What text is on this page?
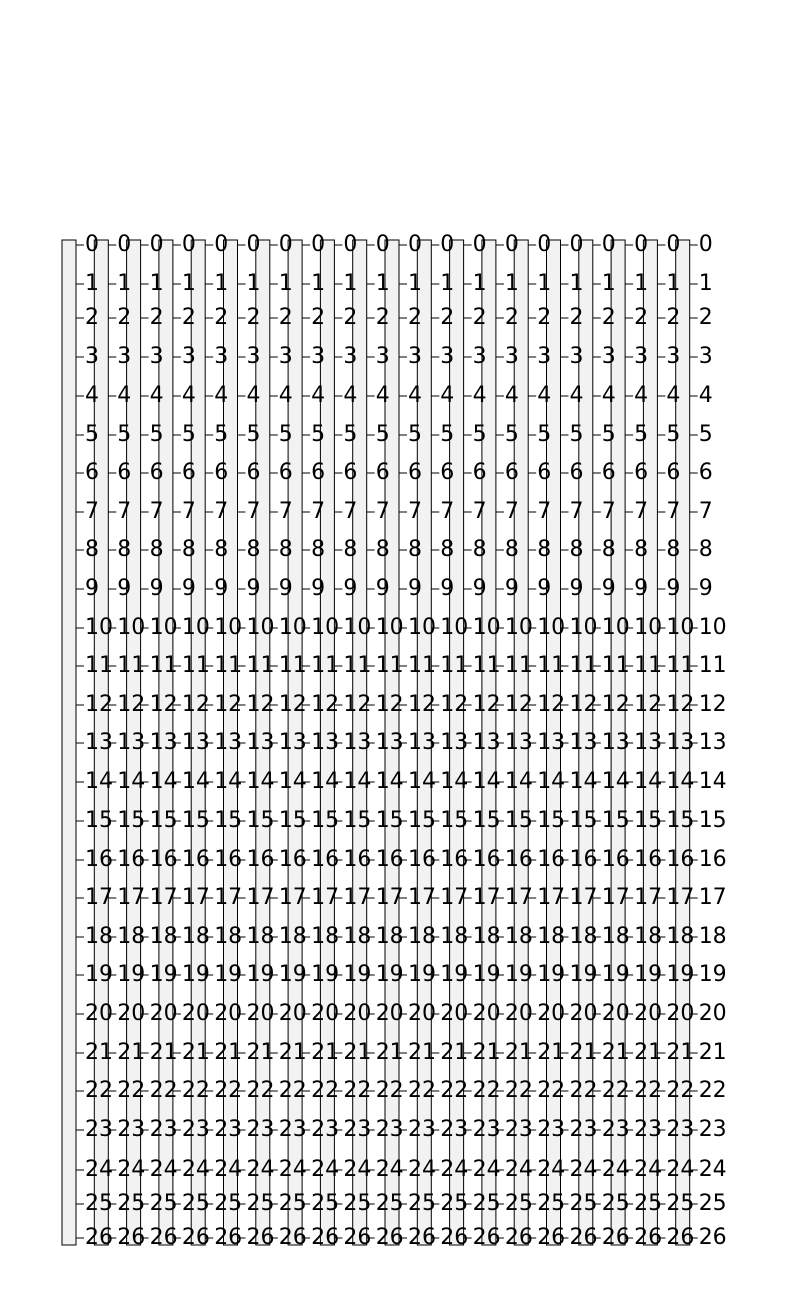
0
1
2
3
4
5
6
7
8
9
10
11
12
13
14
15
16
17
18
19
20
21
22
23
24
25
26
0
1
2
3
4
5
6
7
8
9
10
11
12
13
14
15
16
17
18
19
20
21
22
23
24
25
26
0
1
2
3
4
5
6
7
8
9
10
11
12
13
14
15
16
17
18
19
20
21
22
23
24
25
26
0
1
2
3
4
5
6
7
8
9
10
11
12
13
14
15
16
17
18
19
20
21
22
23
24
25
26
0
1
2
3
4
5
6
7
8
9
10
11
12
13
14
15
16
17
18
19
20
21
22
23
24
25
26
0
1
2
3
4
5
6
7
8
9
10
11
12
13
14
15
16
17
18
19
20
21
22
23
24
25
26
0
1
2
3
4
5
6
7
8
9
10
11
12
13
14
15
16
17
18
19
20
21
22
23
24
25
26
0
1
2
3
4
5
6
7
8
9
10
11
12
13
14
15
16
17
18
19
20
21
22
23
24
25
26
0
1
2
3
4
5
6
7
8
9
10
11
12
13
14
15
16
17
18
19
20
21
22
23
24
25
26
0
1
2
3
4
5
6
7
8
9
10
11
12
13
14
15
16
17
18
19
20
21
22
23
24
25
26
0
1
2
3
4
5
6
7
8
9
10
11
12
13
14
15
16
17
18
19
20
21
22
23
24
25
26
0
1
2
3
4
5
6
7
8
9
10
11
12
13
14
15
16
17
18
19
20
21
22
23
24
25
26
0
1
2
3
4
5
6
7
8
9
10
11
12
13
14
15
16
17
18
19
20
21
22
23
24
25
26
0
1
2
3
4
5
6
7
8
9
10
11
12
13
14
15
16
17
18
19
20
21
22
23
24
25
26
0
1
2
3
4
5
6
7
8
9
10
11
12
13
14
15
16
17
18
19
20
21
22
23
24
25
26
0
1
2
3
4
5
6
7
8
9
10
11
12
13
14
15
16
17
18
19
20
21
22
23
24
25
26
0
1
2
3
4
5
6
7
8
9
10
11
12
13
14
15
16
17
18
19
20
21
22
23
24
25
26
0
1
2
3
4
5
6
7
8
9
10
11
12
13
14
15
16
17
18
19
20
21
22
23
24
25
26
0
1
2
3
4
5
6
7
8
9
10
11
12
13
14
15
16
17
18
19
20
21
22
23
24
25
26
0
1
2
3
4
5
6
7
8
9
10
11
12
13
14
15
16
17
18
19
20
21
22
23
24
25
26
